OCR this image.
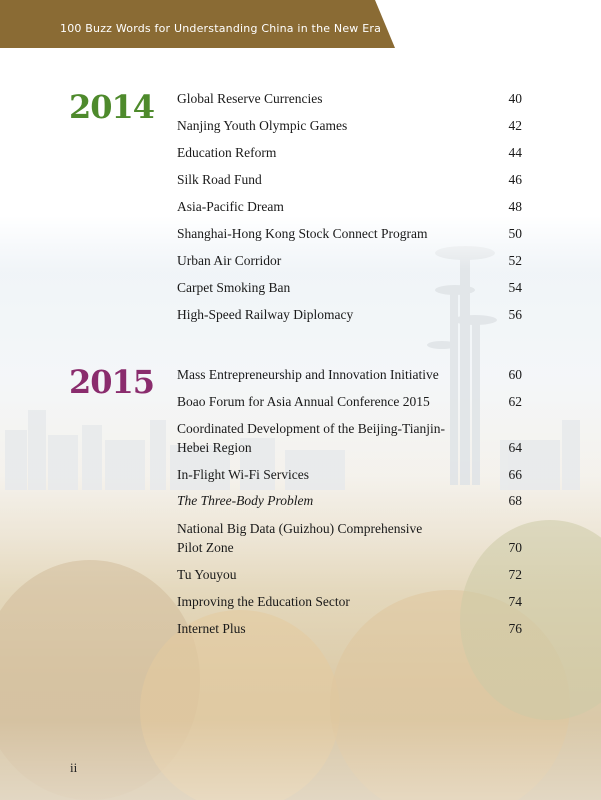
100 Buzz Words for Understanding China in the New Era
2014 Global Reserve Currencies	40
Nanjing Youth Olympic Games	42
Education Reform	44
Silk Road Fund	46
Asia-Pacific Dream	48
Shanghai-Hong Kong Stock Connect Program	50
Urban Air Corridor	52
Carpet Smoking Ban	54
High-Speed Railway Diplomacy	56
2015 Mass Entrepreneurship and Innovation Initiative	60
Boao Forum for Asia Annual Conference 2015	62
Coordinated Development of the Beijing-Tianjin-
Hebei Region	64
In-Flight Wi-Fi Services	66
The Three-Body Problem	68
National Big Data (Guizhou) Comprehensive
Pilot Zone	70
Tu Youyou	72
Improving the Education Sector	74
Internet Plus	76
ii
